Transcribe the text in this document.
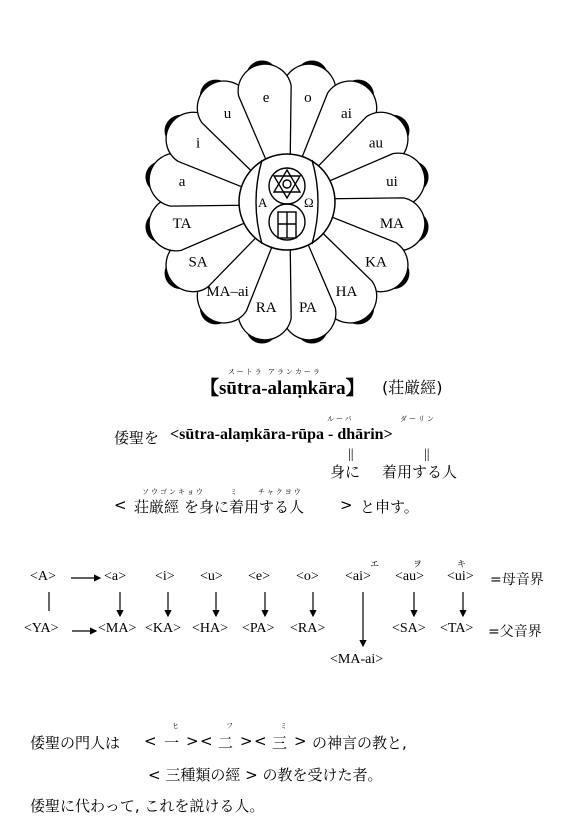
o
ai
au
ui
MA
KA
HA
PA
RA
MA–ai
SA
TA
a
i
u
e
A	Ω
スートラ アランカーラ
【sūtra-alaṃkāra】 (荘厳經)
ルーパ	ダーリン
倭聖を <sūtra-alaṃkāra-rūpa - dhārin>
||	||
身に 着用する人
ソウゴンキョウ	ミ	チャクヨウ
< 荘厳經 を身に着用する人 > と申す。
エ	ヲ	キ
<A>	<a> <i> <u> <e> <o> <ai> <au> <ui> =母音界
<YA>	<MA> <KA> <HA> <PA> <RA>	<SA> <TA> =父音界
<MA-ai>
ヒ	フ	ミ
倭聖の門人は < 一 > < 二 > < 三 > の神言の教と,
< 三種類の經 > の教を受けた者。
倭聖に代わって, これを説ける人。
